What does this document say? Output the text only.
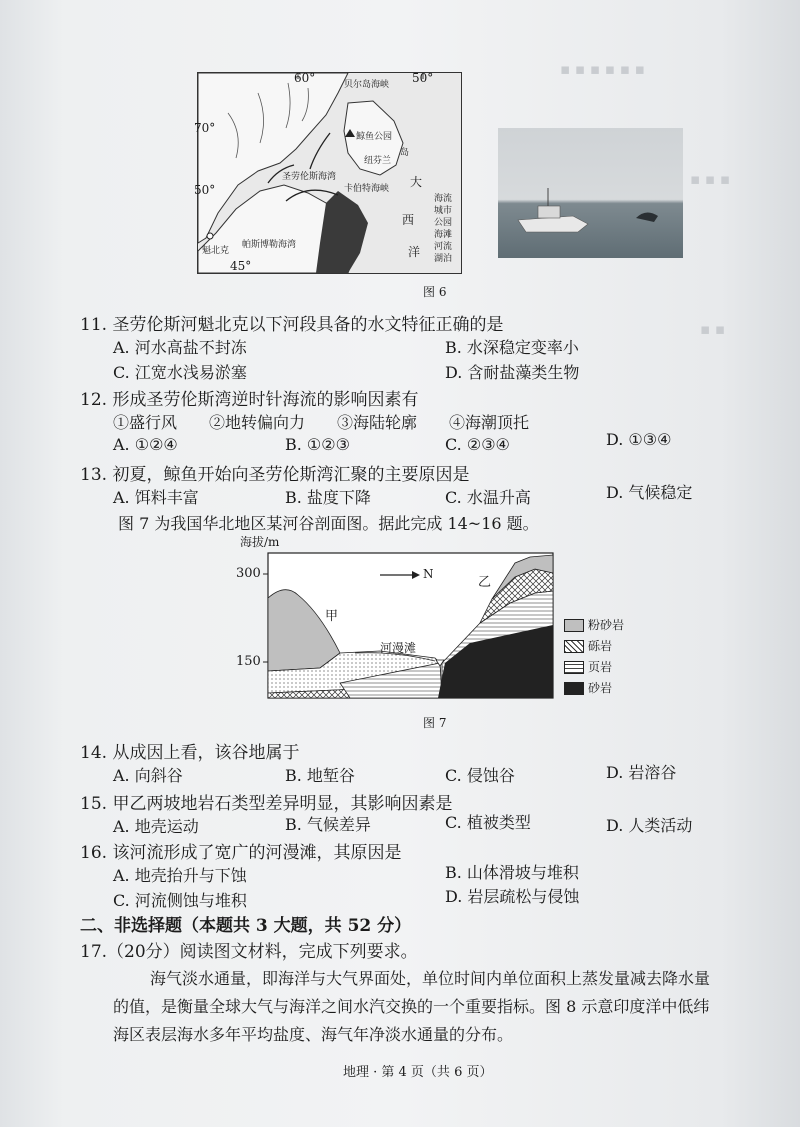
▪ ▪ ▪ ▪ ▪ ▪
▪ ▪ ▪
▪ ▪
60°	50°
70°
50°
45°
贝尔岛海峡
鲸鱼公园
纽芬兰
岛
圣劳伦斯海湾
卡伯特海峡
魁北克
帕斯博勒海湾
大
西
洋
海流
城市
公园
海滩
河流
湖泊
图 6
11. 圣劳伦斯河魁北克以下河段具备的水文特征正确的是
A. 河水高盐不封冻	B. 水深稳定变率小
C. 江宽水浅易淤塞	D. 含耐盐藻类生物
12. 形成圣劳伦斯湾逆时针海流的影响因素有
①盛行风　　②地转偏向力　　③海陆轮廓　　④海潮顶托
A. ①②④	B. ①②③	C. ②③④	D. ①③④
13. 初夏，鲸鱼开始向圣劳伦斯湾汇聚的主要原因是
A. 饵料丰富	B. 盐度下降	C. 水温升高	D. 气候稳定
图 7 为我国华北地区某河谷剖面图。据此完成 14~16 题。
海拔/m
300
150
N
甲
乙
河漫滩
粉砂岩
砾岩
页岩
砂岩
图 7
14. 从成因上看，该谷地属于
A. 向斜谷	B. 地堑谷	C. 侵蚀谷	D. 岩溶谷
15. 甲乙两坡地岩石类型差异明显，其影响因素是
A. 地壳运动	B. 气候差异	C. 植被类型	D. 人类活动
16. 该河流形成了宽广的河漫滩，其原因是
A. 地壳抬升与下蚀	B. 山体滑坡与堆积
C. 河流侧蚀与堆积	D. 岩层疏松与侵蚀
二、非选择题（本题共 3 大题，共 52 分）
17.（20分）阅读图文材料，完成下列要求。
海气淡水通量，即海洋与大气界面处，单位时间内单位面积上蒸发量减去降水量
的值，是衡量全球大气与海洋之间水汽交换的一个重要指标。图 8 示意印度洋中低纬
海区表层海水多年平均盐度、海气年净淡水通量的分布。
地理 · 第 4 页（共 6 页）
